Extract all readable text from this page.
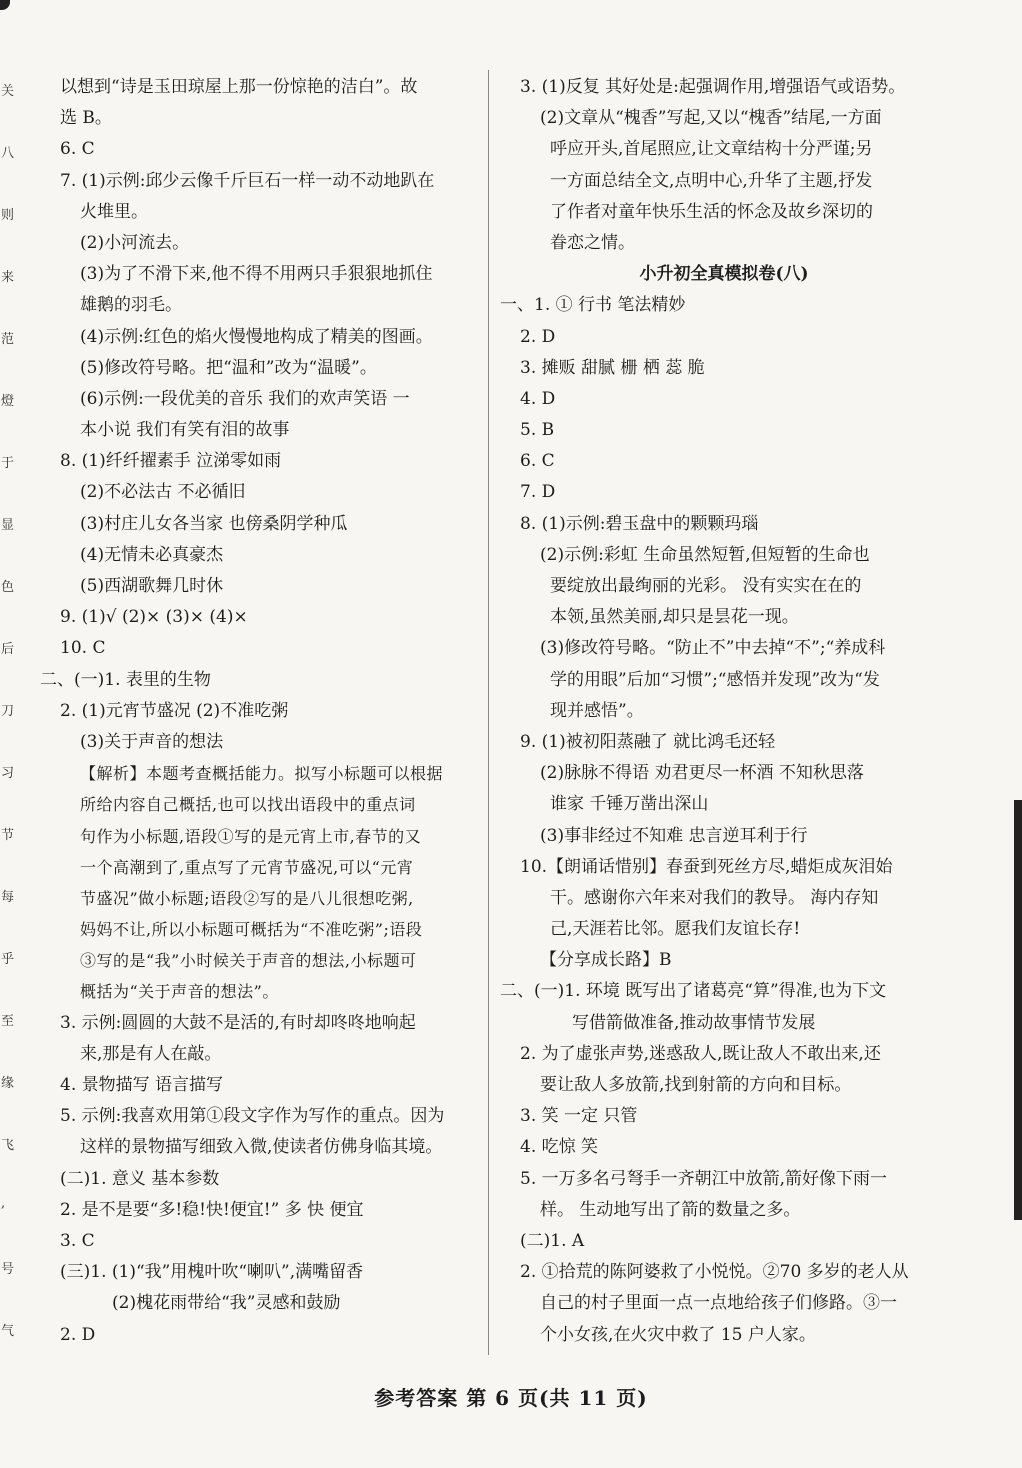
关
八
则
来
范
燈
于
显
色
后
刀
习
节
每
乎
至
缘
飞
,
号
气
以想到“诗是玉田琼屋上那一份惊艳的洁白”。故
选 B。
6. C
7. (1)示例:邱少云像千斤巨石一样一动不动地趴在
火堆里。
(2)小河流去。
(3)为了不滑下来,他不得不用两只手狠狠地抓住
雄鹅的羽毛。
(4)示例:红色的焰火慢慢地构成了精美的图画。
(5)修改符号略。把“温和”改为“温暖”。
(6)示例:一段优美的音乐 我们的欢声笑语 一
本小说 我们有笑有泪的故事
8. (1)纤纤擢素手 泣涕零如雨
(2)不必法古 不必循旧
(3)村庄儿女各当家 也傍桑阴学种瓜
(4)无情未必真豪杰
(5)西湖歌舞几时休
9. (1)√ (2)× (3)× (4)×
10. C
二、(一)1. 表里的生物
2. (1)元宵节盛况 (2)不准吃粥
(3)关于声音的想法
【解析】本题考查概括能力。拟写小标题可以根据
所给内容自己概括,也可以找出语段中的重点词
句作为小标题,语段①写的是元宵上市,春节的又
一个高潮到了,重点写了元宵节盛况,可以“元宵
节盛况”做小标题;语段②写的是八儿很想吃粥,
妈妈不让,所以小标题可概括为“不准吃粥”;语段
③写的是“我”小时候关于声音的想法,小标题可
概括为“关于声音的想法”。
3. 示例:圆圆的大鼓不是活的,有时却咚咚地响起
来,那是有人在敲。
4. 景物描写 语言描写
5. 示例:我喜欢用第①段文字作为写作的重点。因为
这样的景物描写细致入微,使读者仿佛身临其境。
(二)1. 意义 基本参数
2. 是不是要“多!稳!快!便宜!” 多 快 便宜
3. C
(三)1. (1)“我”用槐叶吹“喇叭”,满嘴留香
(2)槐花雨带给“我”灵感和鼓励
2. D
3. (1)反复 其好处是:起强调作用,增强语气或语势。
(2)文章从“槐香”写起,又以“槐香”结尾,一方面
呼应开头,首尾照应,让文章结构十分严谨;另
一方面总结全文,点明中心,升华了主题,抒发
了作者对童年快乐生活的怀念及故乡深切的
眷恋之情。
小升初全真模拟卷(八)
一、1. ① 行书 笔法精妙
2. D
3. 摊贩 甜腻 栅 栖 蕊 脆
4. D
5. B
6. C
7. D
8. (1)示例:碧玉盘中的颗颗玛瑙
(2)示例:彩虹 生命虽然短暂,但短暂的生命也
要绽放出最绚丽的光彩。 没有实实在在的
本领,虽然美丽,却只是昙花一现。
(3)修改符号略。“防止不”中去掉“不”;“养成科
学的用眼”后加“习惯”;“感悟并发现”改为“发
现并感悟”。
9. (1)被初阳蒸融了 就比鸿毛还轻
(2)脉脉不得语 劝君更尽一杯酒 不知秋思落
谁家 千锤万凿出深山
(3)事非经过不知难 忠言逆耳利于行
10.【朗诵话惜别】春蚕到死丝方尽,蜡炬成灰泪始
干。感谢你六年来对我们的教导。 海内存知
己,天涯若比邻。愿我们友谊长存!
【分享成长路】B
二、(一)1. 环境 既写出了诸葛亮“算”得准,也为下文
写借箭做准备,推动故事情节发展
2. 为了虚张声势,迷惑敌人,既让敌人不敢出来,还
要让敌人多放箭,找到射箭的方向和目标。
3. 笑 一定 只管
4. 吃惊 笑
5. 一万多名弓弩手一齐朝江中放箭,箭好像下雨一
样。 生动地写出了箭的数量之多。
(二)1. A
2. ①拾荒的陈阿婆救了小悦悦。②70 多岁的老人从
自己的村子里面一点一点地给孩子们修路。③一
个小女孩,在火灾中救了 15 户人家。
参考答案 第 6 页(共 11 页)
